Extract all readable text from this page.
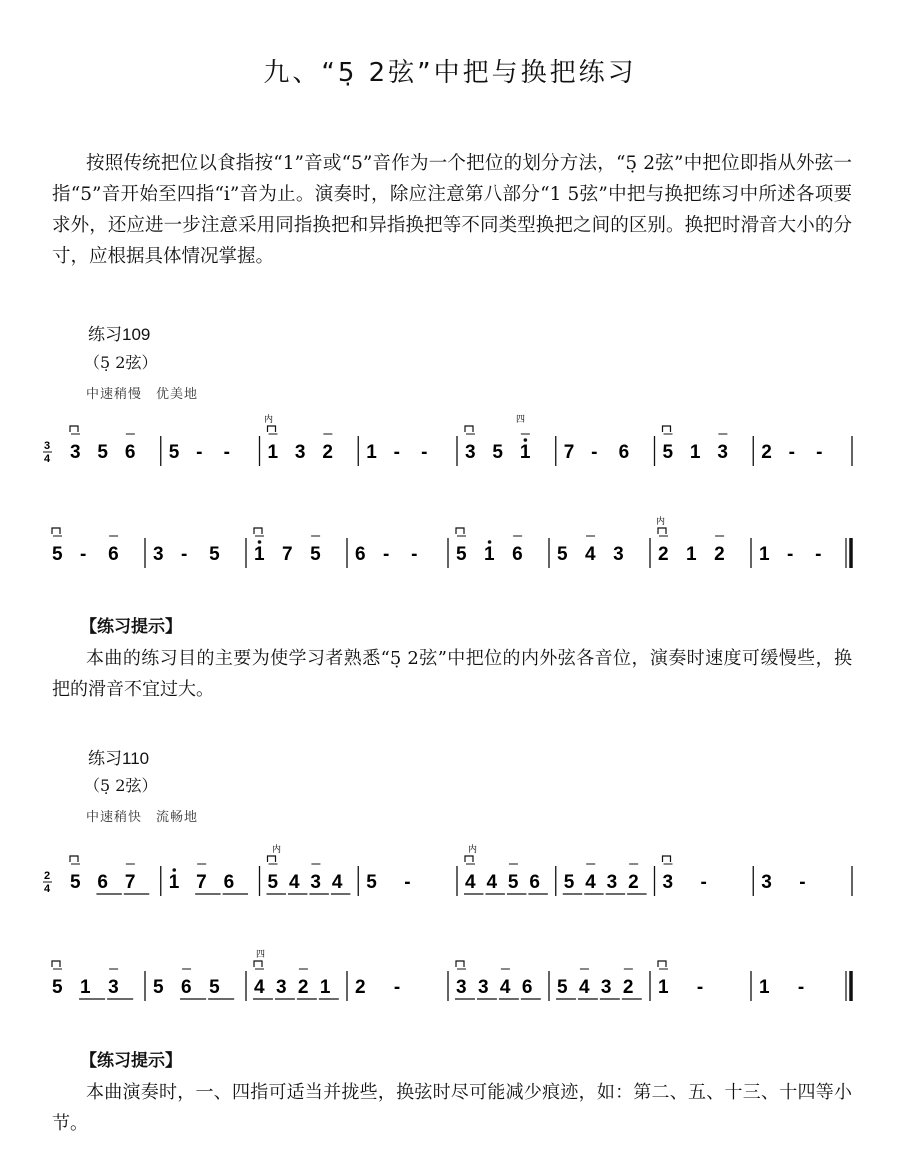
九、“5̣ 2弦”中把与换把练习
按照传统把位以食指按“1”音或“5”音作为一个把位的划分方法，“5̣ 2弦”中把位即指从外弦一指“5”音开始至四指“i̇”音为止。演奏时，除应注意第八部分“1 5弦”中把与换把练习中所述各项要求外，还应进一步注意采用同指换把和异指换把等不同类型换把之间的区别。换把时滑音大小的分寸，应根据具体情况掌握。
练习109
（5̣ 2弦）
中速稍慢　优美地
3
4 3 5 6 5 - - 1 3 2 1 - - 3 5 1 7 - 6 5 1 3 2 - -
内	四
5 - 6 3 - 5 1 7 5 6 - - 5 1 6 5 4 3 2 1 2 1 - -
内
【练习提示】
本曲的练习目的主要为使学习者熟悉“5̣ 2弦”中把位的内外弦各音位，演奏时速度可缓慢些，换把的滑音不宜过大。
练习110
（5̣ 2弦）
中速稍快　流畅地
2
4 5 6 7 1 7 6 5 4 3 4 5 -	4 4 5 6 5 4 3 2 3 -	3 -
内	内
5 1 3 5 6 5 4 3 2 1 2 -	3 3 4 6 5 4 3 2 1 -	1 -
四
【练习提示】
本曲演奏时，一、四指可适当并拢些，换弦时尽可能减少痕迹，如：第二、五、十三、十四等小节。
